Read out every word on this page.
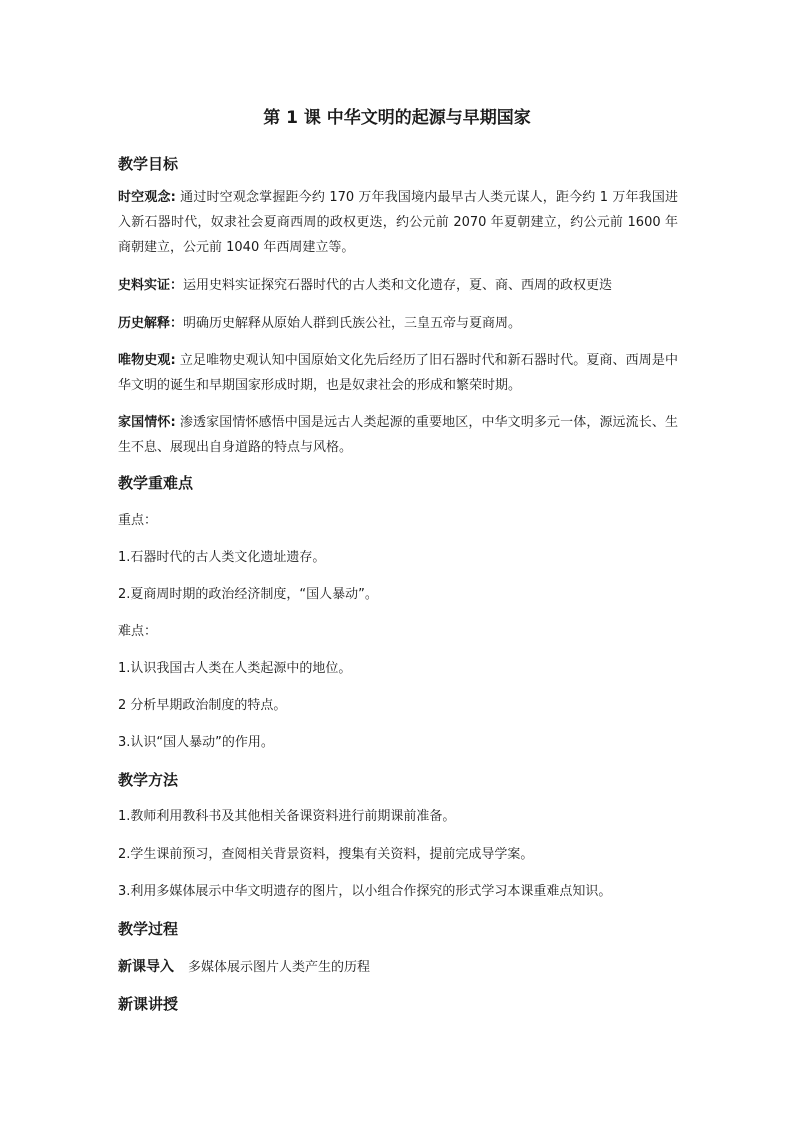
第 1 课 中华文明的起源与早期国家
教学目标

时空观念: 通过时空观念掌握距今约 170 万年我国境内最早古人类元谋人，距今约 1 万年我国进入新石器时代，奴隶社会夏商西周的政权更迭，约公元前 2070 年夏朝建立，约公元前 1600 年商朝建立，公元前 1040 年西周建立等。

史料实证：运用史料实证探究石器时代的古人类和文化遗存，夏、商、西周的政权更迭

历史解释：明确历史解释从原始人群到氏族公社，三皇五帝与夏商周。

唯物史观: 立足唯物史观认知中国原始文化先后经历了旧石器时代和新石器时代。夏商、西周是中华文明的诞生和早期国家形成时期，也是奴隶社会的形成和繁荣时期。

家国情怀: 渗透家国情怀感悟中国是远古人类起源的重要地区，中华文明多元一体，源远流长、生生不息、展现出自身道路的特点与风格。

教学重难点

重点：

1.石器时代的古人类文化遗址遗存。

2.夏商周时期的政治经济制度，“国人暴动”。

难点：

1.认识我国古人类在人类起源中的地位。

2 分析早期政治制度的特点。

3.认识“国人暴动”的作用。

教学方法

1.教师利用教科书及其他相关备课资料进行前期课前准备。

2.学生课前预习，查阅相关背景资料，搜集有关资料，提前完成导学案。

3.利用多媒体展示中华文明遗存的图片，以小组合作探究的形式学习本课重难点知识。

教学过程

新课导入 多媒体展示图片人类产生的历程

新课讲授
